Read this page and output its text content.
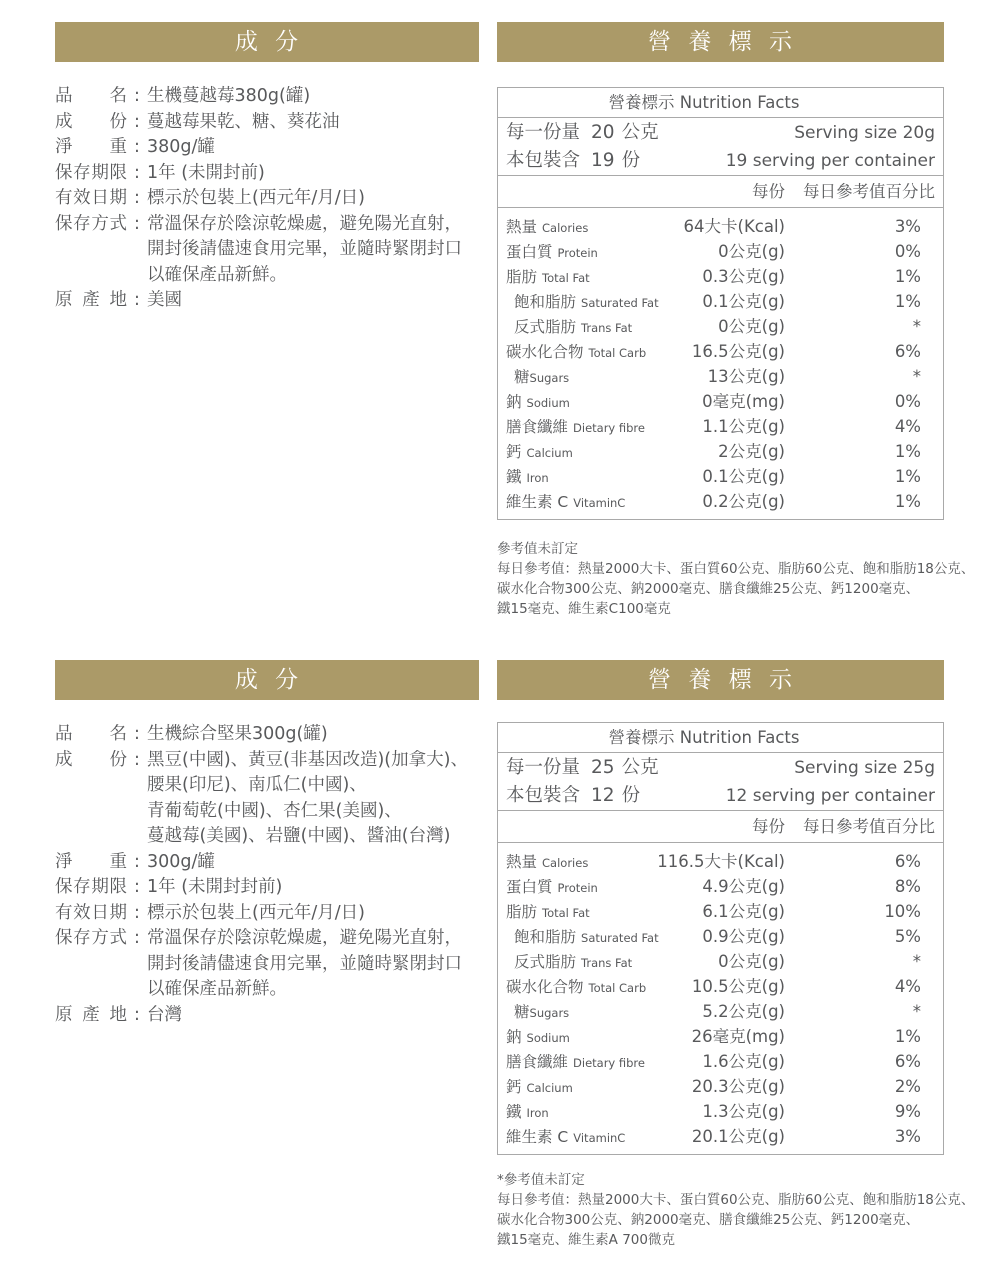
成 分
品 名 : 生機蔓越莓380g(罐)
成 份 : 蔓越莓果乾、糖、葵花油
淨 重 : 380g/罐
保 存 期 限 : 1年 (未開封前)
有 效 日 期 : 標示於包裝上(西元年/月/日)
保 存 方 式 : 常溫保存於陰涼乾燥處，避免陽光直射，
開封後請儘速食用完畢，並隨時緊閉封口
以確保產品新鮮。
原 產 地 : 美國
營 養 標 示
營養標示 Nutrition Facts
每一份量 20 公克	Serving size 20g
本包裝含 19 份	19 serving per container
每份	每日參考值百分比
熱量 Calories	64大卡(Kcal)	3%
蛋白質 Protein	0公克(g)	0%
脂肪 Total Fat	0.3公克(g)	1%
飽和脂肪 Saturated Fat	0.1公克(g)	1%
反式脂肪 Trans Fat	0公克(g)	*
碳水化合物 Total Carb	16.5公克(g)	6%
糖Sugars	13公克(g)	*
鈉 Sodium	0毫克(mg)	0%
膳食纖維 Dietary fibre	1.1公克(g)	4%
鈣 Calcium	2公克(g)	1%
鐵 Iron	0.1公克(g)	1%
維生素 C VitaminC	0.2公克(g)	1%
參考值未訂定
每日參考值：熱量2000大卡、蛋白質60公克、脂肪60公克、飽和脂肪18公克、
碳水化合物300公克、鈉2000毫克、膳食纖維25公克、鈣1200毫克、
鐵15毫克、維生素C100毫克
成 分
品 名 : 生機綜合堅果300g(罐)
成 份 : 黑豆(中國)、黃豆(非基因改造)(加拿大)、
腰果(印尼)、南瓜仁(中國)、
青葡萄乾(中國)、杏仁果(美國)、
蔓越莓(美國)、岩鹽(中國)、醬油(台灣)
淨 重 : 300g/罐
保 存 期 限 : 1年 (未開封封前)
有 效 日 期 : 標示於包裝上(西元年/月/日)
保 存 方 式 : 常溫保存於陰涼乾燥處，避免陽光直射，
開封後請儘速食用完畢，並隨時緊閉封口
以確保產品新鮮。
原 產 地 : 台灣
營 養 標 示
營養標示 Nutrition Facts
每一份量 25 公克	Serving size 25g
本包裝含 12 份	12 serving per container
每份	每日參考值百分比
熱量 Calories	116.5大卡(Kcal)	6%
蛋白質 Protein	4.9公克(g)	8%
脂肪 Total Fat	6.1公克(g)	10%
飽和脂肪 Saturated Fat	0.9公克(g)	5%
反式脂肪 Trans Fat	0公克(g)	*
碳水化合物 Total Carb	10.5公克(g)	4%
糖Sugars	5.2公克(g)	*
鈉 Sodium	26毫克(mg)	1%
膳食纖維 Dietary fibre	1.6公克(g)	6%
鈣 Calcium	20.3公克(g)	2%
鐵 Iron	1.3公克(g)	9%
維生素 C VitaminC	20.1公克(g)	3%
*參考值未訂定
每日參考值：熱量2000大卡、蛋白質60公克、脂肪60公克、飽和脂肪18公克、
碳水化合物300公克、鈉2000毫克、膳食纖維25公克、鈣1200毫克、
鐵15毫克、維生素A 700微克
